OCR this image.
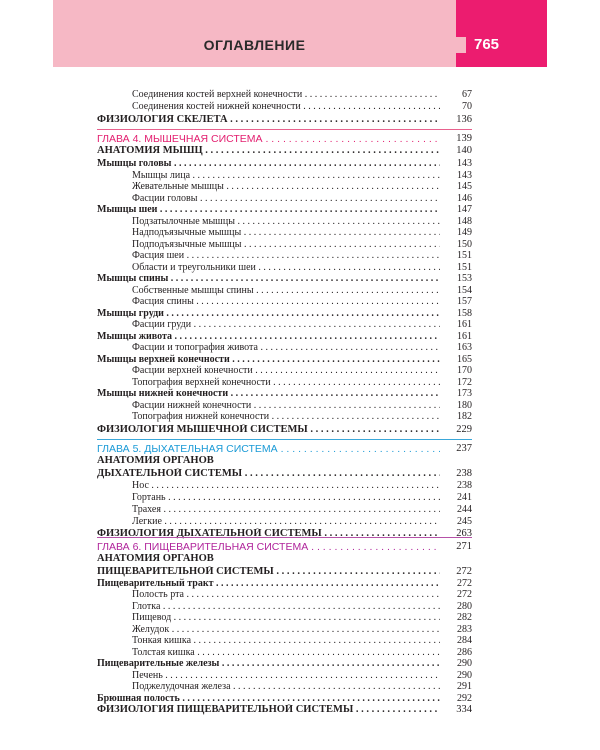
ОГЛАВЛЕНИЕ	765
Соединения костей верхней конечности . . .	67
Соединения костей нижней конечности . . .	70
ФИЗИОЛОГИЯ СКЕЛЕТА . . .	136
ГЛАВА 4. МЫШЕЧНАЯ СИСТЕМА . . .	139
АНАТОМИЯ МЫШЦ . . .	140
Мышцы головы . . .	143
Мышцы лица . . .	143
Жевательные мышцы . . .	145
Фасции головы . . .	146
Мышцы шеи . . .	147
Подзатылочные мышцы . . .	148
Надподъязычные мышцы . . .	149
Подподъязычные мышцы . . .	150
Фасция шеи . . .	151
Области и треугольники шеи . . .	151
Мышцы спины . . .	153
Собственные мышцы спины . . .	154
Фасция спины . . .	157
Мышцы груди . . .	158
Фасции груди . . .	161
Мышцы живота . . .	161
Фасции и топография живота . . .	163
Мышцы верхней конечности . . .	165
Фасции верхней конечности . . .	170
Топография верхней конечности . . .	172
Мышцы нижней конечности . . .	173
Фасции нижней конечности . . .	180
Топография нижней конечности . . .	182
ФИЗИОЛОГИЯ МЫШЕЧНОЙ СИСТЕМЫ . . .	229
ГЛАВА 5. ДЫХАТЕЛЬНАЯ СИСТЕМА . . .	237
АНАТОМИЯ ОРГАНОВ
ДЫХАТЕЛЬНОЙ СИСТЕМЫ . . .	238
Нос . . .	238
Гортань . . .	241
Трахея . . .	244
Легкие . . .	245
ФИЗИОЛОГИЯ ДЫХАТЕЛЬНОЙ СИСТЕМЫ . . .	263
ГЛАВА 6. ПИЩЕВАРИТЕЛЬНАЯ СИСТЕМА . . .	271
АНАТОМИЯ ОРГАНОВ
ПИЩЕВАРИТЕЛЬНОЙ СИСТЕМЫ . . .	272
Пищеварительный тракт . . .	272
Полость рта . . .	272
Глотка . . .	280
Пищевод . . .	282
Желудок . . .	283
Тонкая кишка . . .	284
Толстая кишка . . .	286
Пищеварительные железы . . .	290
Печень . . .	290
Поджелудочная железа . . .	291
Брюшная полость . . .	292
ФИЗИОЛОГИЯ ПИЩЕВАРИТЕЛЬНОЙ СИСТЕМЫ . . .	334
